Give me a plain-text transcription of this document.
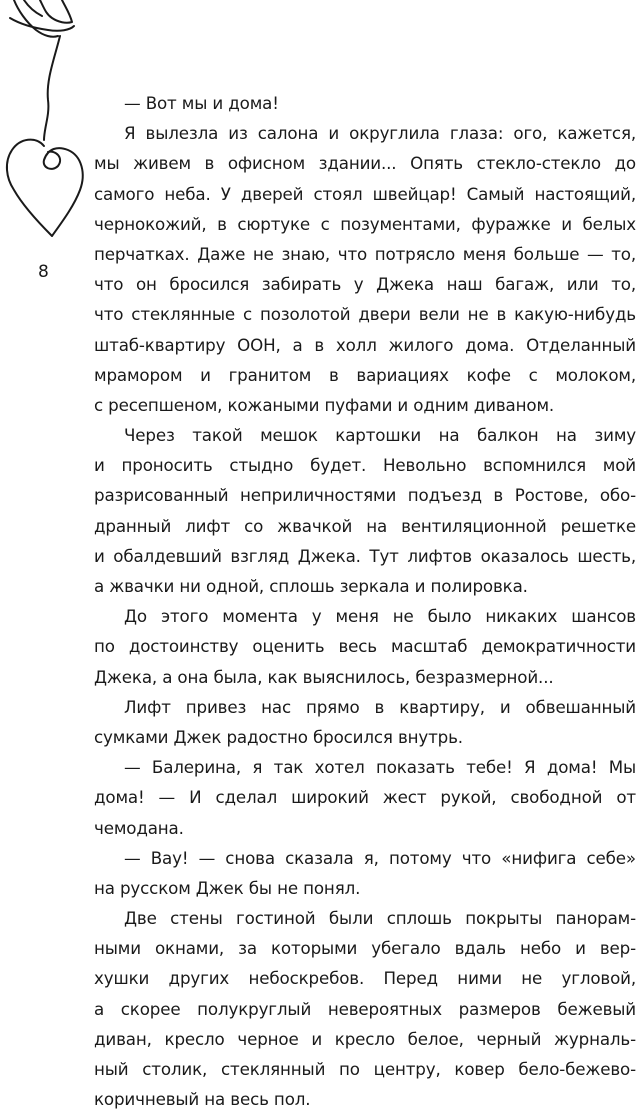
8
— Вот мы и дома!
Я вылезла из салона и округлила глаза: ого, кажется,
мы живем в офисном здании... Опять стекло-стекло до
самого неба. У дверей стоял швейцар! Самый настоящий,
чернокожий, в сюртуке с позументами, фуражке и белых
перчатках. Даже не знаю, что потрясло меня больше — то,
что он бросился забирать у Джека наш багаж, или то,
что стеклянные с позолотой двери вели не в какую-нибудь
штаб-квартиру ООН, а в холл жилого дома. Отделанный
мрамором и гранитом в вариациях кофе с молоком,
с ресепшеном, кожаными пуфами и одним диваном.
Через такой мешок картошки на балкон на зиму
и проносить стыдно будет. Невольно вспомнился мой
разрисованный неприличностями подъезд в Ростове, обо-
дранный лифт со жвачкой на вентиляционной решетке
и обалдевший взгляд Джека. Тут лифтов оказалось шесть,
а жвачки ни одной, сплошь зеркала и полировка.
До этого момента у меня не было никаких шансов
по достоинству оценить весь масштаб демократичности
Джека, а она была, как выяснилось, безразмерной...
Лифт привез нас прямо в квартиру, и обвешанный
сумками Джек радостно бросился внутрь.
— Балерина, я так хотел показать тебе! Я дома! Мы
дома! — И сделал широкий жест рукой, свободной от
чемодана.
— Вау! — снова сказала я, потому что «нифига себе»
на русском Джек бы не понял.
Две стены гостиной были сплошь покрыты панорам-
ными окнами, за которыми убегало вдаль небо и вер-
хушки других небоскребов. Перед ними не угловой,
а скорее полукруглый невероятных размеров бежевый
диван, кресло черное и кресло белое, черный журналь-
ный столик, стеклянный по центру, ковер бело-бежево-
коричневый на весь пол.
